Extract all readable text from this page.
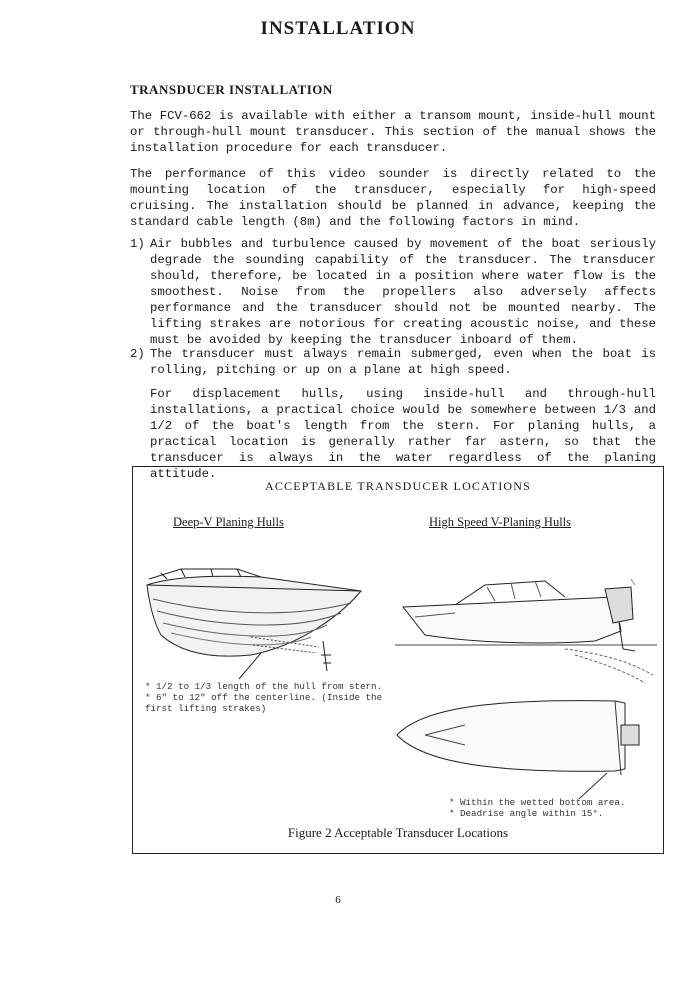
INSTALLATION
TRANSDUCER INSTALLATION

The FCV-662 is available with either a transom mount, inside-hull mount or through-hull mount transducer. This section of the manual shows the installation procedure for each transducer.

The performance of this video sounder is directly related to the mounting location of the transducer, especially for high-speed cruising. The installation should be planned in advance, keeping the standard cable length (8m) and the following factors in mind.

1) Air bubbles and turbulence caused by movement of the boat seriously degrade the sounding capability of the transducer. The transducer should, therefore, be located in a position where water flow is the smoothest. Noise from the propellers also adversely affects performance and the transducer should not be mounted nearby. The lifting strakes are notorious for creating acoustic noise, and these must be avoided by keeping the transducer inboard of them.
2) The transducer must always remain submerged, even when the boat is rolling, pitching or up on a plane at high speed.
For displacement hulls, using inside-hull and through-hull installations, a practical choice would be somewhere between 1/3 and 1/2 of the boat's length from the stern. For planing hulls, a practical location is generally rather far astern, so that the transducer is always in the water regardless of the planing attitude.
ACCEPTABLE TRANSDUCER LOCATIONS
Deep-V Planing Hulls	High Speed V-Planing Hulls
* 1/2 to 1/3 length of the hull from stern.
* 6" to 12" off the centerline. (Inside the
first lifting strakes)
* Within the wetted bottom area.
* Deadrise angle within 15°.
Figure 2 Acceptable Transducer Locations
6
